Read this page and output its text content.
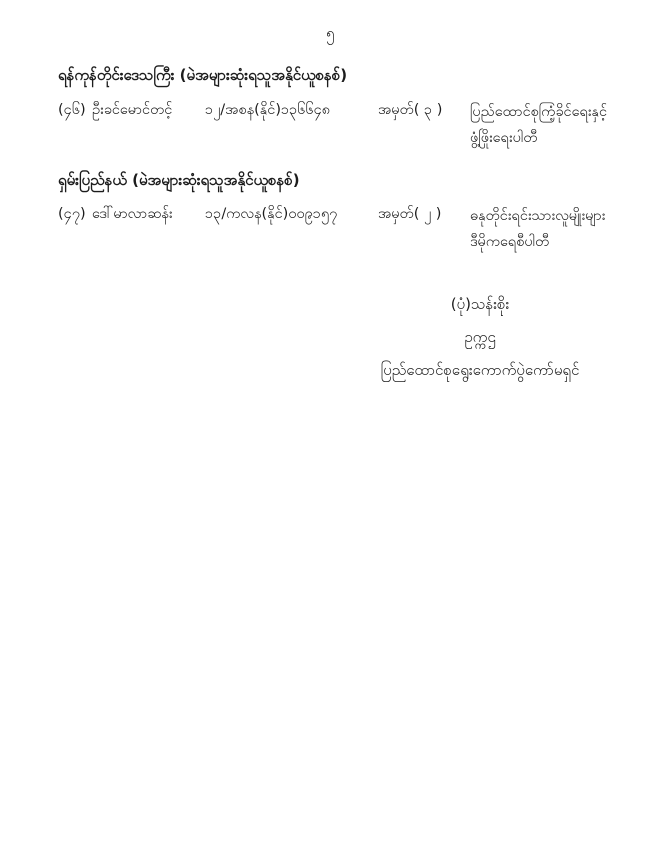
၅
ရန်ကုန်တိုင်းဒေသကြီး (မဲအများဆုံးရသူအနိုင်ယူစနစ်)
(၄၆) ဦးခင်မောင်တင့်	၁၂/အစန(နိုင်)၁၃၆၆၄၈	အမှတ်( ၃ )	ပြည်ထောင်စုကြံ့ခိုင်ရေးနှင့်
ဖွံ့ဖြိုးရေးပါတီ
ရှမ်းပြည်နယ် (မဲအများဆုံးရသူအနိုင်ယူစနစ်)
(၄၇) ဒေါ်မာလာဆန်း	၁၃/ကလန(နိုင်)၀၀၉၁၅၇	အမှတ်( ၂ )	ဓနုတိုင်းရင်းသားလူမျိုးများ
ဒီမိုကရေစီပါတီ
(ပုံ)သန်းစိုး
ဥက္ကဌ
ပြည်ထောင်စုရွေးကောက်ပွဲကော်မရှင်
